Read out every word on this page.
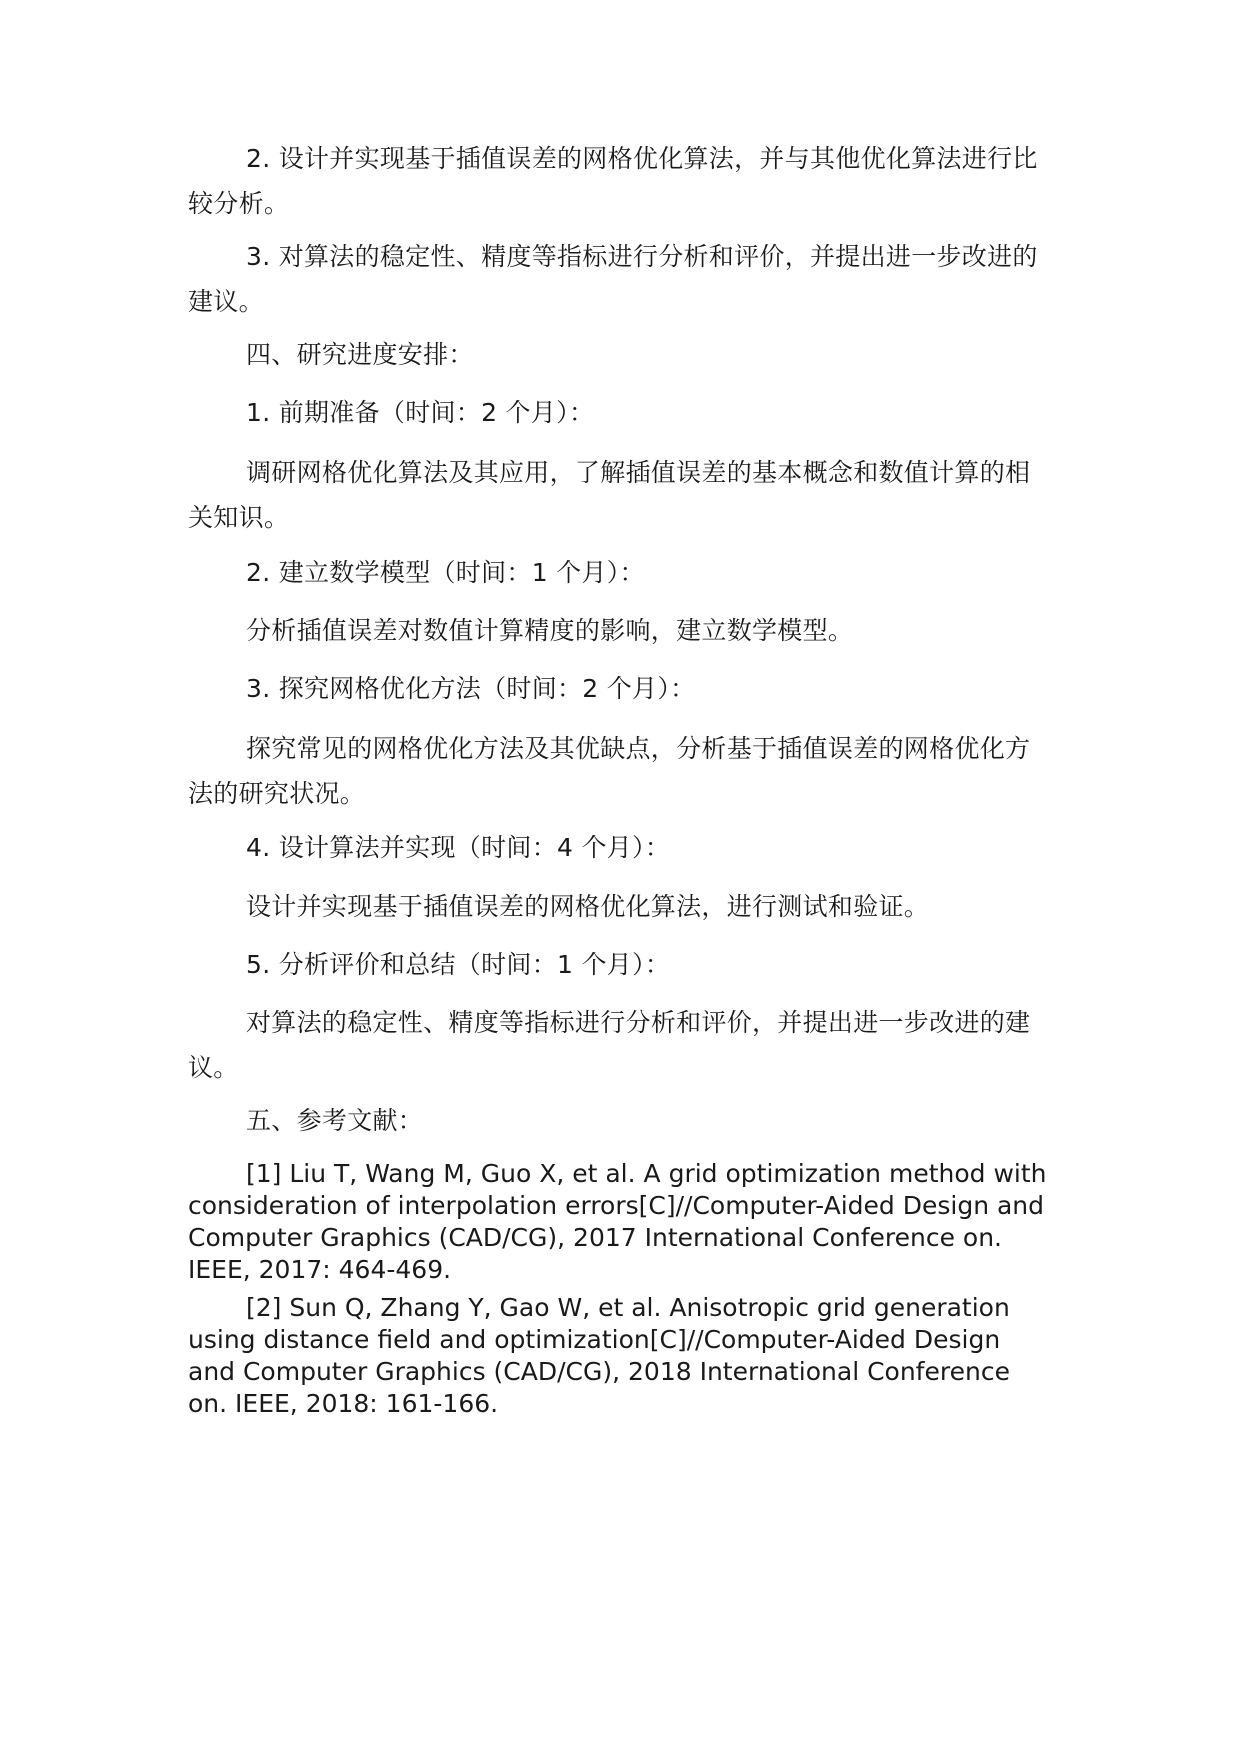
2. 设计并实现基于插值误差的网格优化算法，并与其他优化算法进行比较分析。

3. 对算法的稳定性、精度等指标进行分析和评价，并提出进一步改进的建议。

四、研究进度安排：

1. 前期准备（时间：2 个月）：

调研网格优化算法及其应用，了解插值误差的基本概念和数值计算的相关知识。

2. 建立数学模型（时间：1 个月）：

分析插值误差对数值计算精度的影响，建立数学模型。

3. 探究网格优化方法（时间：2 个月）：

探究常见的网格优化方法及其优缺点，分析基于插值误差的网格优化方法的研究状况。

4. 设计算法并实现（时间：4 个月）：

设计并实现基于插值误差的网格优化算法，进行测试和验证。

5. 分析评价和总结（时间：1 个月）：

对算法的稳定性、精度等指标进行分析和评价，并提出进一步改进的建议。

五、参考文献：

[1] Liu T, Wang M, Guo X, et al. A grid optimization method with consideration of interpolation errors[C]//Computer-Aided Design and Computer Graphics (CAD/CG), 2017 International Conference on. IEEE, 2017: 464-469.

[2] Sun Q, Zhang Y, Gao W, et al. Anisotropic grid generation using distance field and optimization[C]//Computer-Aided Design and Computer Graphics (CAD/CG), 2018 International Conference on. IEEE, 2018: 161-166.
